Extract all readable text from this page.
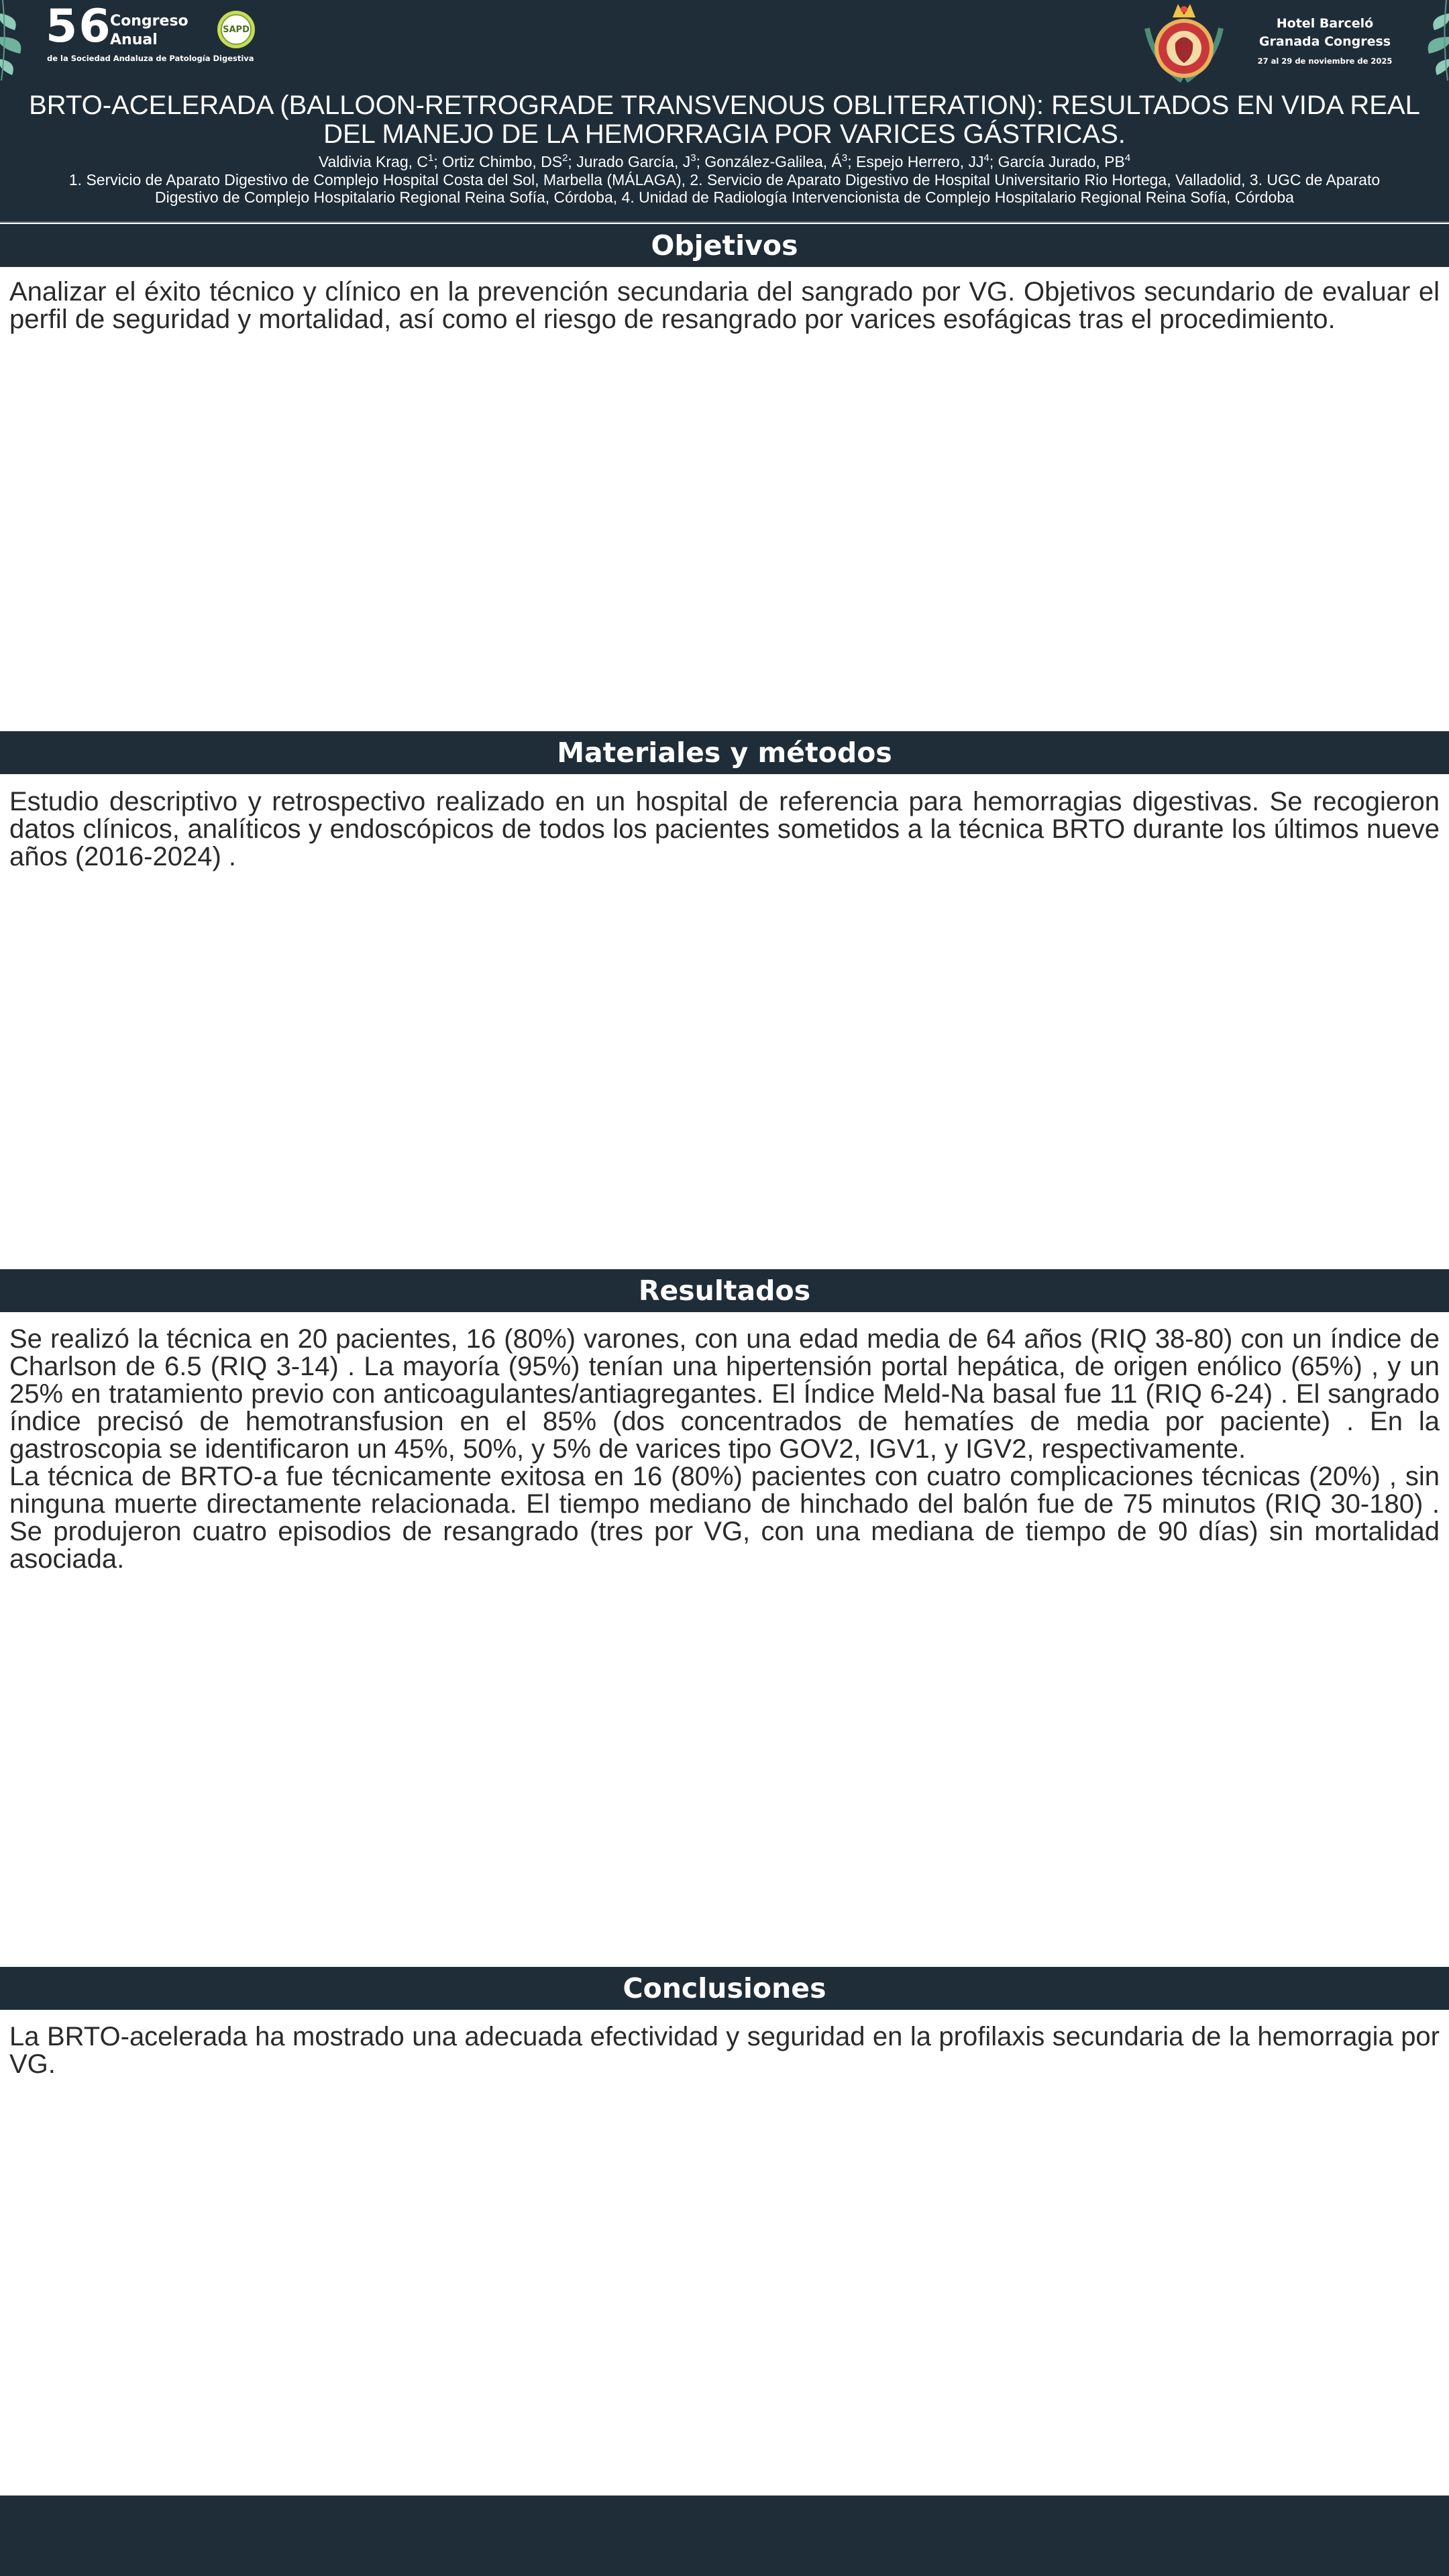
56
Congreso
Anual
de la Sociedad Andaluza de Patología Digestiva
SAPD	Hotel Barceló
Granada Congress
27 al 29 de noviembre de 2025
BRTO-ACELERADA (BALLOON-RETROGRADE TRANSVENOUS OBLITERATION): RESULTADOS EN VIDA REAL DEL MANEJO DE LA HEMORRAGIA POR VARICES GÁSTRICAS.
Valdivia Krag, $C^1$; Ortiz Chimbo, $DS^2$; Jurado García, $J^3$; González-Galilea, $Á^3$; Espejo Herrero, $JJ^4$; García Jurado, $PB^4$
1. Servicio de Aparato Digestivo de Complejo Hospital Costa del Sol, Marbella (MÁLAGA), 2. Servicio de Aparato Digestivo de Hospital Universitario Rio Hortega, Valladolid, 3. UGC de Aparato Digestivo de Complejo Hospitalario Regional Reina Sofía, Córdoba, 4. Unidad de Radiología Intervencionista de Complejo Hospitalario Regional Reina Sofía, Córdoba
Objetivos

Analizar el éxito técnico y clínico en la prevención secundaria del sangrado por VG. Objetivos secundario de evaluar el perfil de seguridad y mortalidad, así como el riesgo de resangrado por varices esofágicas tras el procedimiento.

Materiales y métodos

Estudio descriptivo y retrospectivo realizado en un hospital de referencia para hemorragias digestivas. Se recogieron datos clínicos, analíticos y endoscópicos de todos los pacientes sometidos a la técnica BRTO durante los últimos nueve años (2016-2024) .

Resultados

Se realizó la técnica en 20 pacientes, 16 (80%) varones, con una edad media de 64 años (RIQ 38-80) con un índice de Charlson de 6.5 (RIQ 3-14) . La mayoría (95%) tenían una hipertensión portal hepática, de origen enólico (65%) , y un 25% en tratamiento previo con anticoagulantes/antiagregantes. El Índice Meld-Na basal fue 11 (RIQ 6-24) . El sangrado índice precisó de hemotransfusion en el 85% (dos concentrados de hematíes de media por paciente) . En la gastroscopia se identificaron un 45%, 50%, y 5% de varices tipo GOV2, IGV1, y IGV2, respectivamente.
La técnica de BRTO-a fue técnicamente exitosa en 16 (80%) pacientes con cuatro complicaciones técnicas (20%) , sin ninguna muerte directamente relacionada. El tiempo mediano de hinchado del balón fue de 75 minutos (RIQ 30-180) . Se produjeron cuatro episodios de resangrado (tres por VG, con una mediana de tiempo de 90 días) sin mortalidad asociada.

Conclusiones

La BRTO-acelerada ha mostrado una adecuada efectividad y seguridad en la profilaxis secundaria de la hemorragia por VG.
